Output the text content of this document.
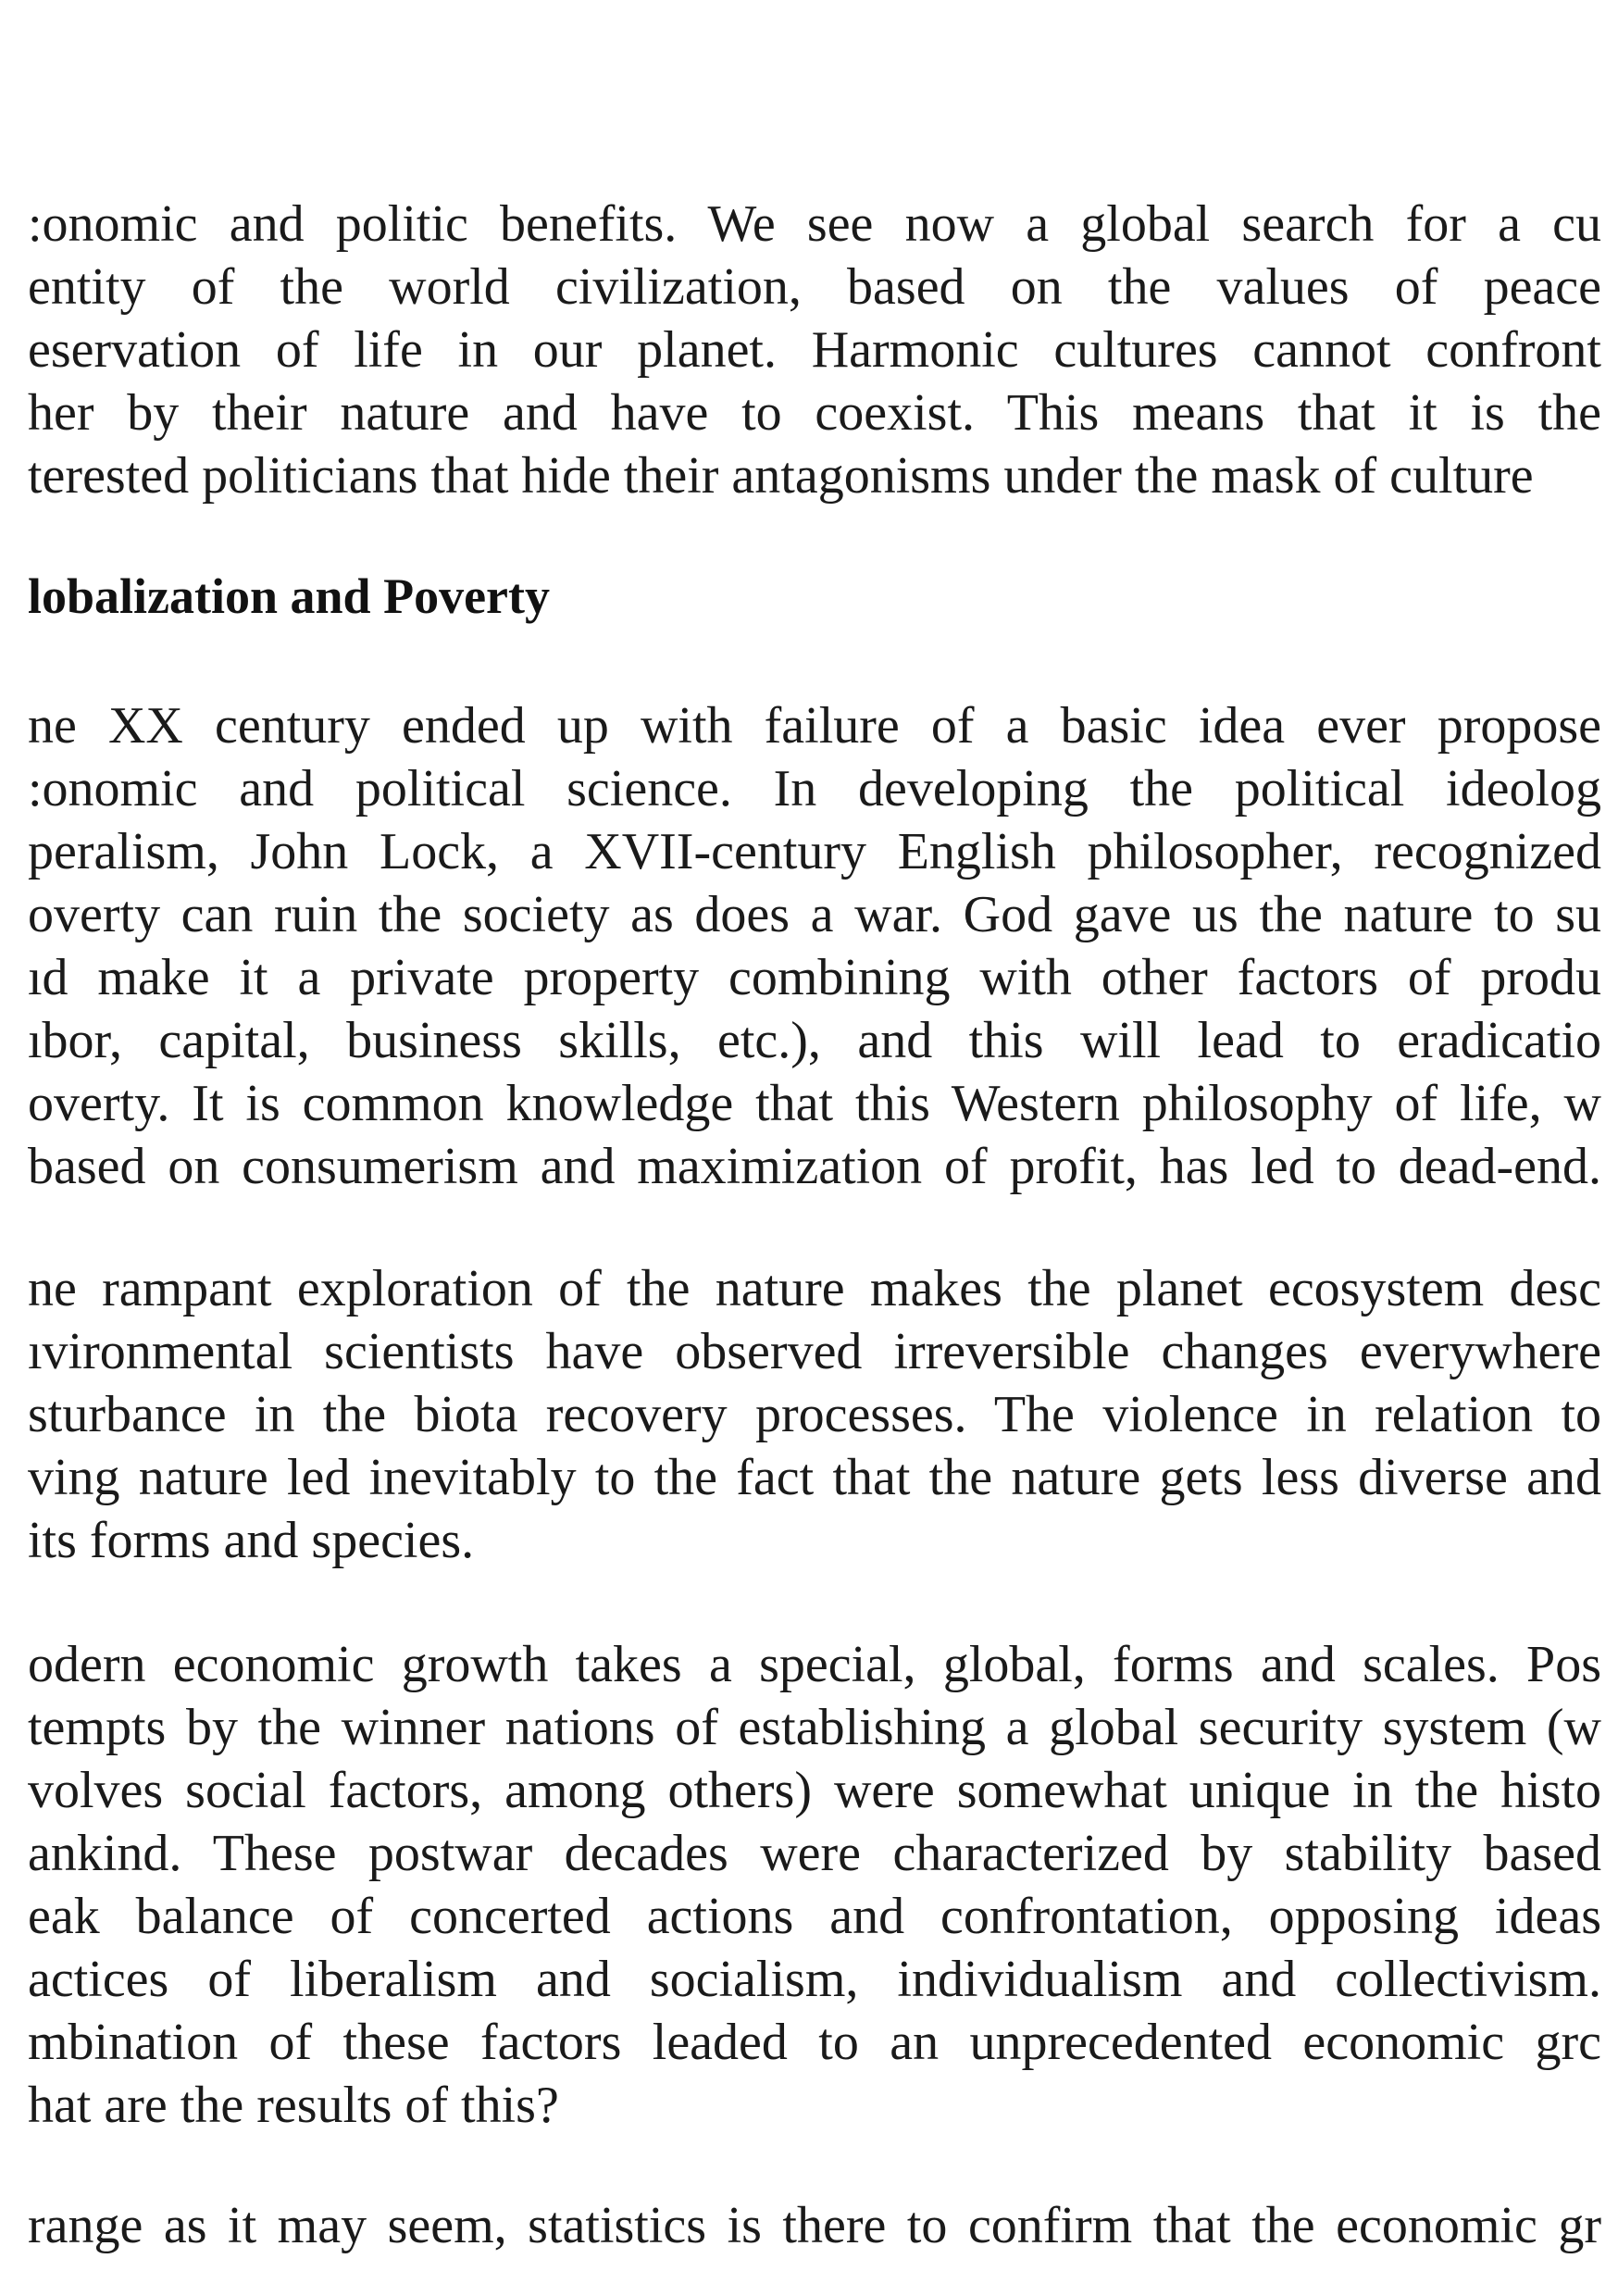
:onomic and politic benefits. We see now a global search for a cu
entity of the world civilization, based on the values of peace
eservation of life in our planet. Harmonic cultures cannot confront
her by their nature and have to coexist. This means that it is the
terested politicians that hide their antagonisms under the mask of culture
lobalization and Poverty
ne XX century ended up with failure of a basic idea ever propose
:onomic and political science. In developing the political ideolog
peralism, John Lock, a XVII-century English philosopher, recognized
overty can ruin the society as does a war. God gave us the nature to su
ıd make it a private property combining with other factors of produ
ıbor, capital, business skills, etc.), and this will lead to eradicatio
overty. It is common knowledge that this Western philosophy of life, w
based on consumerism and maximization of profit, has led to dead-end.
ne rampant exploration of the nature makes the planet ecosystem desc
ıvironmental scientists have observed irreversible changes everywhere
sturbance in the biota recovery processes. The violence in relation to
ving nature led inevitably to the fact that the nature gets less diverse and
its forms and species.
odern economic growth takes a special, global, forms and scales. Pos
tempts by the winner nations of establishing a global security system (w
volves social factors, among others) were somewhat unique in the histo
ankind. These postwar decades were characterized by stability based
eak balance of concerted actions and confrontation, opposing ideas
actices of liberalism and socialism, individualism and collectivism.
mbination of these factors leaded to an unprecedented economic grc
hat are the results of this?
range as it may seem, statistics is there to confirm that the economic gr
